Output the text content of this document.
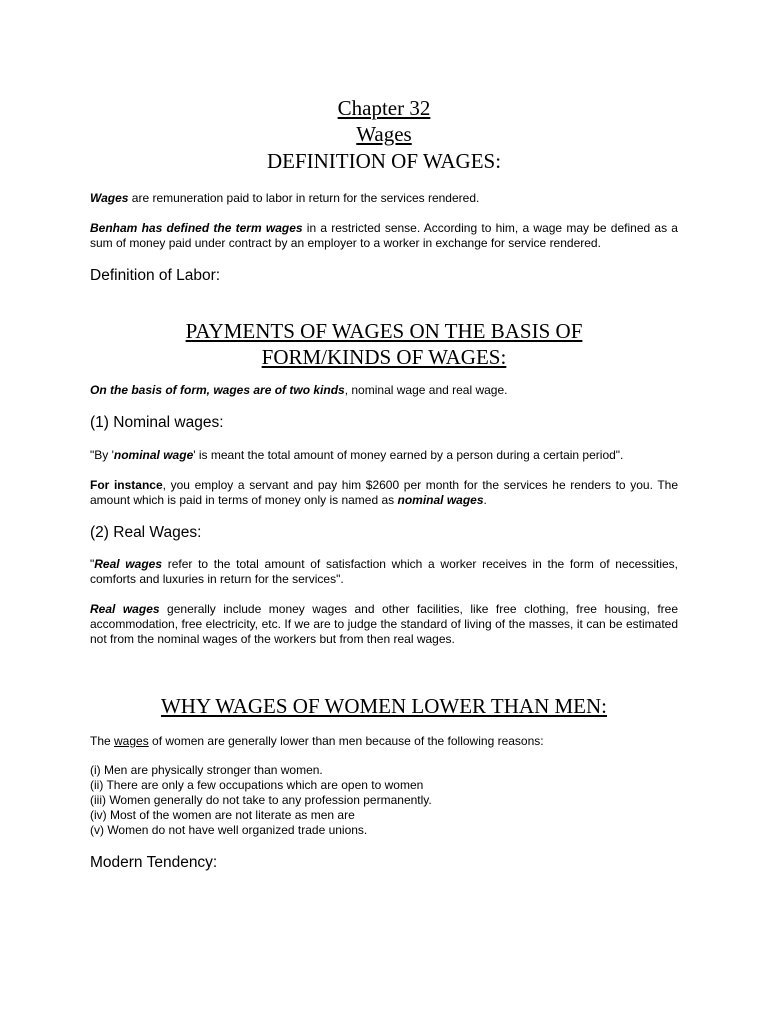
Chapter 32
Wages
DEFINITION OF WAGES:
Wages are remuneration paid to labor in return for the services rendered.
Benham has defined the term wages in a restricted sense. According to him, a wage may be defined as a sum of money paid under contract by an employer to a worker in exchange for service rendered.
Definition of Labor:
PAYMENTS OF WAGES ON THE BASIS OF
FORM/KINDS OF WAGES:
On the basis of form, wages are of two kinds, nominal wage and real wage.
(1) Nominal wages:
"By 'nominal wage' is meant the total amount of money earned by a person during a certain period".
For instance, you employ a servant and pay him $2600 per month for the services he renders to you. The amount which is paid in terms of money only is named as nominal wages.
(2) Real Wages:
"Real wages refer to the total amount of satisfaction which a worker receives in the form of necessities, comforts and luxuries in return for the services".
Real wages generally include money wages and other facilities, like free clothing, free housing, free accommodation, free electricity, etc. If we are to judge the standard of living of the masses, it can be estimated not from the nominal wages of the workers but from then real wages.
WHY WAGES OF WOMEN LOWER THAN MEN:
The wages of women are generally lower than men because of the following reasons:
(i) Men are physically stronger than women.
(ii) There are only a few occupations which are open to women
(iii) Women generally do not take to any profession permanently.
(iv) Most of the women are not literate as men are
(v) Women do not have well organized trade unions.
Modern Tendency:
